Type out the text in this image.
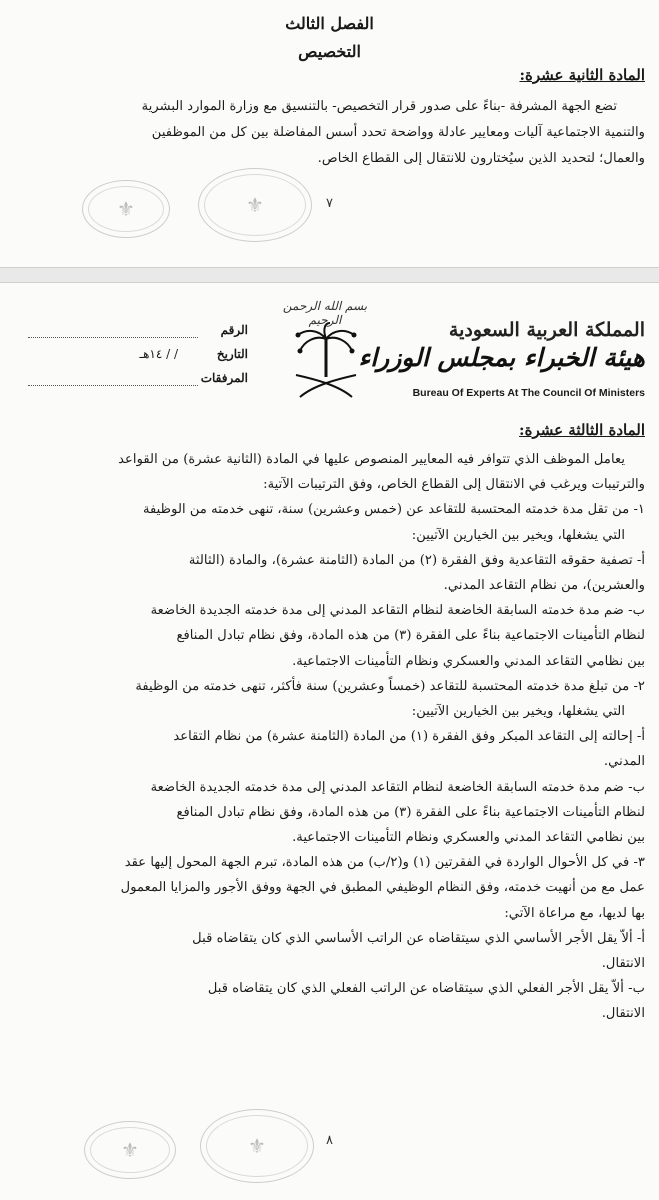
الفصل الثالث
التخصيص
المادة الثانية عشرة:
تضع الجهة المشرفة -بناءً على صدور قرار التخصيص- بالتنسيق مع وزارة الموارد البشرية
والتنمية الاجتماعية آليات ومعايير عادلة وواضحة تحدد أسس المفاضلة بين كل من الموظفين
والعمال؛ لتحديد الذين سيُختارون للانتقال إلى القطاع الخاص.
⚜	⚜	٧
بسم الله الرحمن الرحيم
الرقم
التاريخ
/ / ١٤هـ
المرفقات
المملكة العربية السعودية
هيئة الخبراء بمجلس الوزراء
Bureau Of Experts At The Council Of Ministers
المادة الثالثة عشرة:
يعامل الموظف الذي تتوافر فيه المعايير المنصوص عليها في المادة (الثانية عشرة) من القواعد
والترتيبات ويرغب في الانتقال إلى القطاع الخاص، وفق الترتيبات الآتية:
١- من تقل مدة خدمته المحتسبة للتقاعد عن (خمس وعشرين) سنة، تنهى خدمته من الوظيفة
التي يشغلها، ويخير بين الخيارين الآتيين:
أ- تصفية حقوقه التقاعدية وفق الفقرة (٢) من المادة (الثامنة عشرة)، والمادة (الثالثة
والعشرين)، من نظام التقاعد المدني.
ب- ضم مدة خدمته السابقة الخاضعة لنظام التقاعد المدني إلى مدة خدمته الجديدة الخاضعة
لنظام التأمينات الاجتماعية بناءً على الفقرة (٣) من هذه المادة، وفق نظام تبادل المنافع
بين نظامي التقاعد المدني والعسكري ونظام التأمينات الاجتماعية.
٢- من تبلغ مدة خدمته المحتسبة للتقاعد (خمساً وعشرين) سنة فأكثر، تنهى خدمته من الوظيفة
التي يشغلها، ويخير بين الخيارين الآتيين:
أ- إحالته إلى التقاعد المبكر وفق الفقرة (١) من المادة (الثامنة عشرة) من نظام التقاعد
المدني.
ب- ضم مدة خدمته السابقة الخاضعة لنظام التقاعد المدني إلى مدة خدمته الجديدة الخاضعة
لنظام التأمينات الاجتماعية بناءً على الفقرة (٣) من هذه المادة، وفق نظام تبادل المنافع
بين نظامي التقاعد المدني والعسكري ونظام التأمينات الاجتماعية.
٣- في كل الأحوال الواردة في الفقرتين (١) و(٢/ب) من هذه المادة، تبرم الجهة المحول إليها عقد
عمل مع من أنهيت خدمته، وفق النظام الوظيفي المطبق في الجهة ووفق الأجور والمزايا المعمول
بها لديها، مع مراعاة الآتي:
أ- ألاّ يقل الأجر الأساسي الذي سيتقاضاه عن الراتب الأساسي الذي كان يتقاضاه قبل
الانتقال.
ب- ألاّ يقل الأجر الفعلي الذي سيتقاضاه عن الراتب الفعلي الذي كان يتقاضاه قبل
الانتقال.
⚜	⚜	٨
